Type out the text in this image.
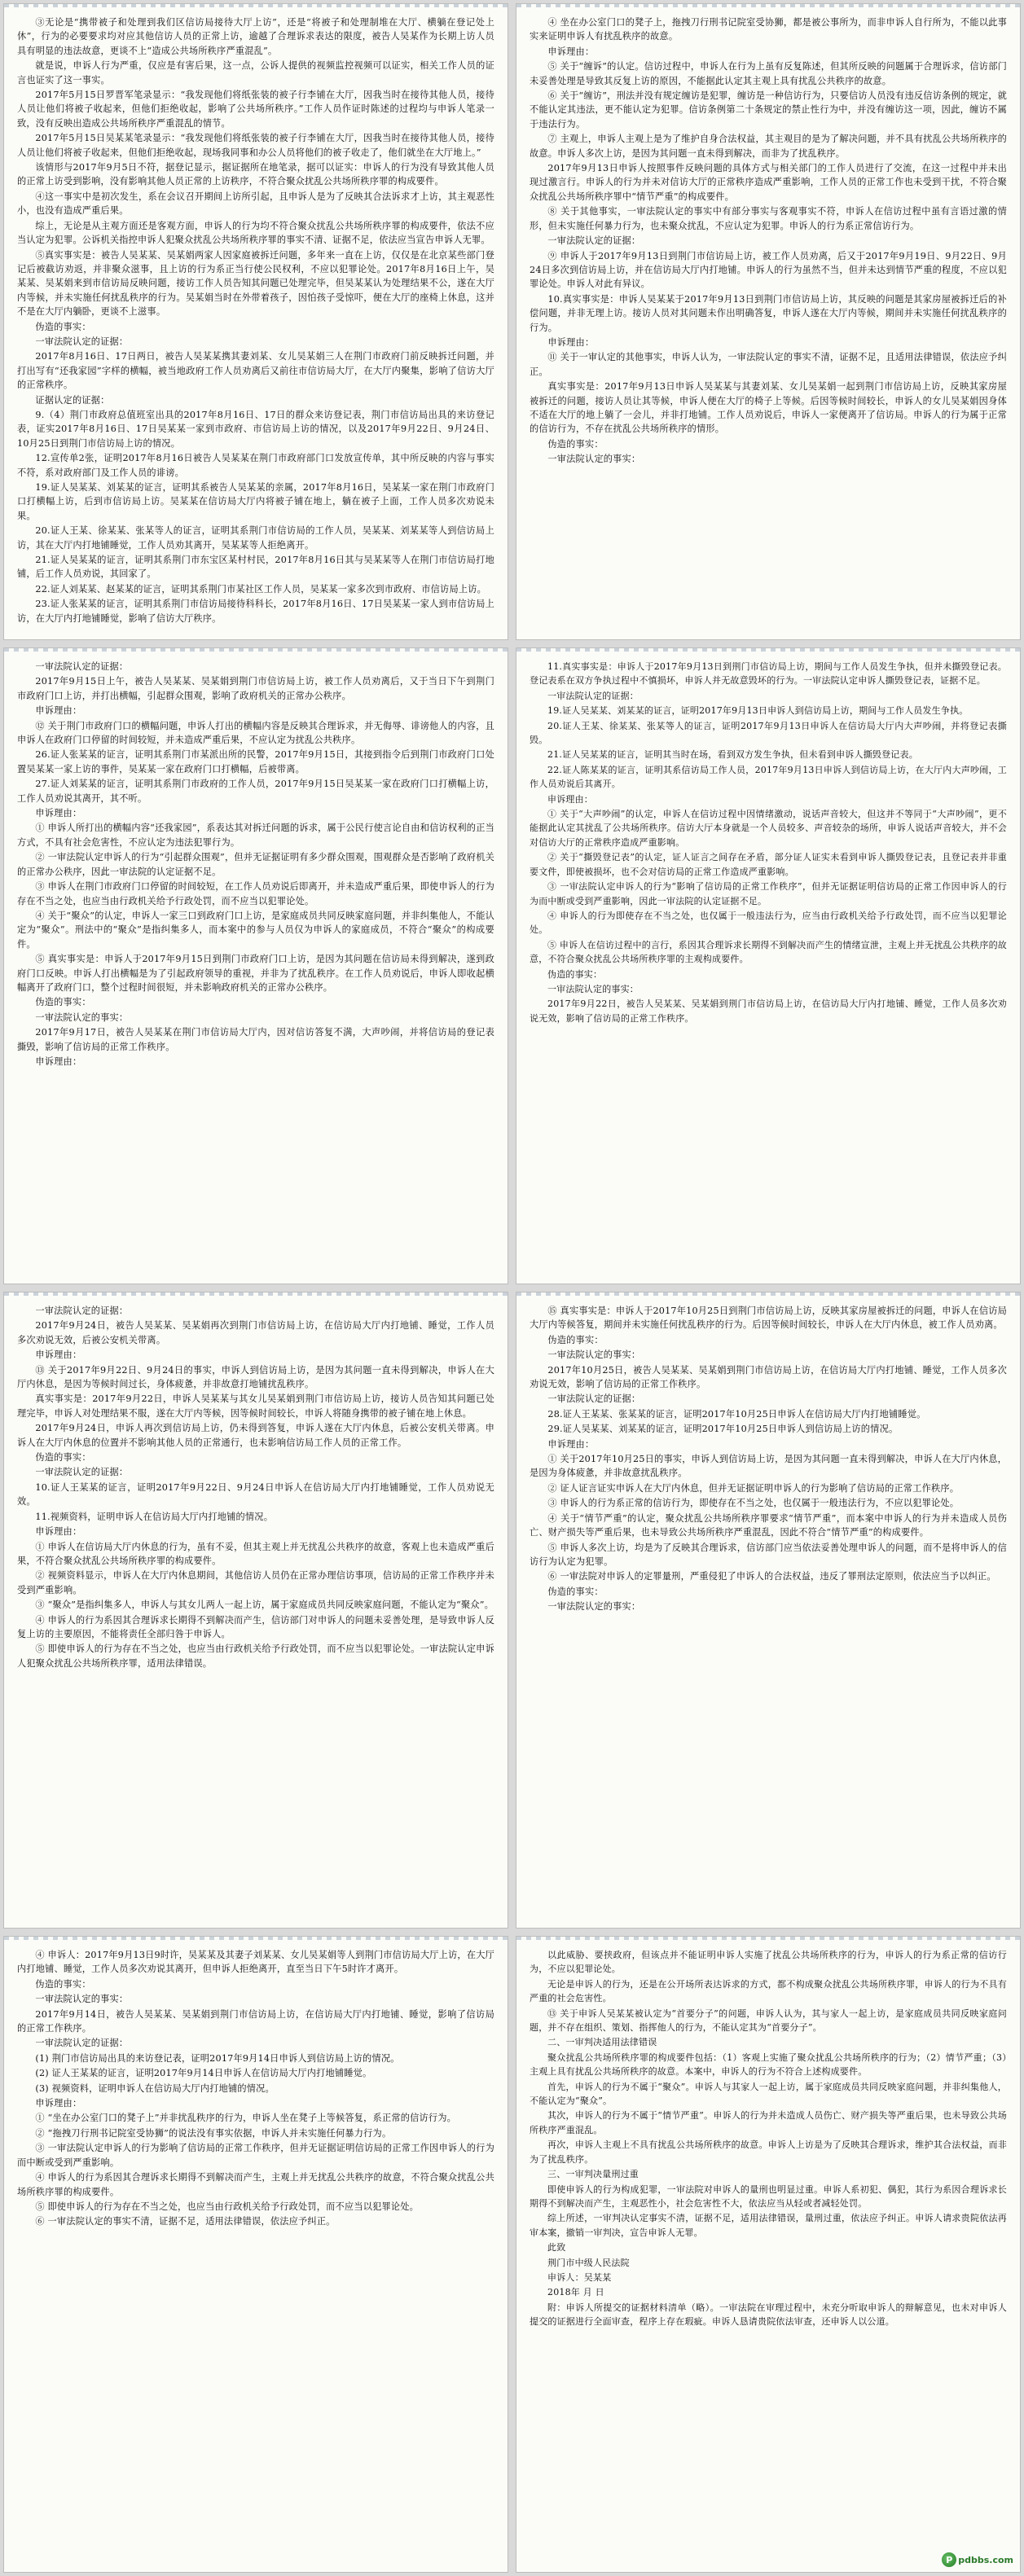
③无论是“携带被子和处理到我们区信访局接待大厅上访”，还是“将被子和处理制堆在大厅、横躺在登记处上休”，行为的必要要求均对应其他信访人员的正常上访，逾越了合理诉求表达的限度，被告人吴某作为长期上访人员具有明显的违法故意，更谈不上“造成公共场所秩序严重混乱”。

就是说，申诉人行为严重，仅应是有害后果，这一点，公诉人提供的视频监控视频可以证实，相关工作人员的证言也证实了这一事实。

2017年5月15日罗晋军笔录显示：“我发现他们将纸张装的被子行李铺在大厅，因我当时在接待其他人员，接待人员让他们将被子收起来，但他们拒绝收起，影响了公共场所秩序。”工作人员作证时陈述的过程均与申诉人笔录一致，没有反映出造成公共场所秩序严重混乱的情节。

2017年5月15日吴某某笔录显示：“我发现他们将纸张装的被子行李铺在大厅，因我当时在接待其他人员，接待人员让他们将被子收起来，但他们拒绝收起，现场我同事和办公人员将他们的被子收走了，他们就坐在大厅地上。”

该情形与2017年9月5日不符，据登记显示，据证据所在地笔录，据可以证实：申诉人的行为没有导致其他人员的正常上访受到影响，没有影响其他人员正常的上访秩序，不符合聚众扰乱公共场所秩序罪的构成要件。

④这一事实中是初次发生，系在会议召开期间上访所引起，且申诉人是为了反映其合法诉求才上访，其主观恶性小，也没有造成严重后果。

综上，无论是从主观方面还是客观方面，申诉人的行为均不符合聚众扰乱公共场所秩序罪的构成要件，依法不应当认定为犯罪。公诉机关指控申诉人犯聚众扰乱公共场所秩序罪的事实不清、证据不足，依法应当宣告申诉人无罪。

⑤真实事实是：被告人吴某某、吴某娟两家人因家庭被拆迁问题，多年来一直在上访，仅仅是在北京某些部门登记后被截访劝返，并非聚众滋事，且上访的行为系正当行使公民权利，不应以犯罪论处。2017年8月16日上午，吴某某、吴某娟来到市信访局反映问题，接访工作人员告知其问题已处理完毕，但吴某某认为处理结果不公，遂在大厅内等候，并未实施任何扰乱秩序的行为。吴某娟当时在外带着孩子，因怕孩子受惊吓，便在大厅的座椅上休息，这并不是在大厅内躺卧，更谈不上滋事。

伪造的事实：

一审法院认定的证据：

2017年8月16日、17日两日，被告人吴某某携其妻刘某、女儿吴某娟三人在荆门市政府门前反映拆迁问题，并打出写有“还我家园”字样的横幅，被当地政府工作人员劝离后又前往市信访局大厅，在大厅内聚集，影响了信访大厅的正常秩序。

证据认定的证据：

9.（4）荆门市政府总值班室出具的2017年8月16日、17日的群众来访登记表，荆门市信访局出具的来访登记表，证实2017年8月16日、17日吴某某一家到市政府、市信访局上访的情况，以及2017年9月22日、9月24日、10月25日到荆门市信访局上访的情况。

12.宣传单2张，证明2017年8月16日被告人吴某某在荆门市政府部门口发放宣传单，其中所反映的内容与事实不符，系对政府部门及工作人员的诽谤。

19.证人吴某某、刘某某的证言，证明其系被告人吴某某的亲属，2017年8月16日，吴某某一家在荆门市政府门口打横幅上访，后到市信访局上访。吴某某在信访局大厅内将被子铺在地上，躺在被子上面，工作人员多次劝说未果。

20.证人王某、徐某某、张某等人的证言，证明其系荆门市信访局的工作人员，吴某某、刘某某等人到信访局上访，其在大厅内打地铺睡觉，工作人员劝其离开，吴某某等人拒绝离开。

21.证人吴某某的证言，证明其系荆门市东宝区某村村民，2017年8月16日其与吴某某等人在荆门市信访局打地铺，后工作人员劝说，其回家了。

22.证人刘某某、赵某某的证言，证明其系荆门市某社区工作人员，吴某某一家多次到市政府、市信访局上访。

23.证人张某某的证言，证明其系荆门市信访局接待科科长，2017年8月16日、17日吴某某一家人到市信访局上访，在大厅内打地铺睡觉，影响了信访大厅秩序。

④ 坐在办公室门口的凳子上，拖拽刀行刑书记院室受协狮，都是被公事所为，而非申诉人自行所为，不能以此事实来证明申诉人有扰乱秩序的故意。

申诉理由：

⑤ 关于“缠诉”的认定。信访过程中，申诉人在行为上虽有反复陈述，但其所反映的问题属于合理诉求，信访部门未妥善处理是导致其反复上访的原因，不能据此认定其主观上具有扰乱公共秩序的故意。

⑥ 关于“缠访”，刑法并没有规定缠访是犯罪，缠访是一种信访行为，只要信访人员没有违反信访条例的规定，就不能认定其违法，更不能认定为犯罪。信访条例第二十条规定的禁止性行为中，并没有缠访这一项，因此，缠访不属于违法行为。

⑦ 主观上，申诉人主观上是为了维护自身合法权益，其主观目的是为了解决问题，并不具有扰乱公共场所秩序的故意。申诉人多次上访，是因为其问题一直未得到解决，而非为了扰乱秩序。

2017年9月13日申诉人按照事件反映问题的具体方式与相关部门的工作人员进行了交流，在这一过程中并未出现过激言行。申诉人的行为并未对信访大厅的正常秩序造成严重影响，工作人员的正常工作也未受到干扰，不符合聚众扰乱公共场所秩序罪中“情节严重”的构成要件。

⑧ 关于其他事实，一审法院认定的事实中有部分事实与客观事实不符，申诉人在信访过程中虽有言语过激的情形，但未实施任何暴力行为，也未聚众扰乱，不应认定为犯罪。申诉人的行为系正常信访行为。

一审法院认定的证据：

⑨ 申诉人于2017年9月13日到荆门市信访局上访，被工作人员劝离，后又于2017年9月19日、9月22日、9月24日多次到信访局上访，并在信访局大厅内打地铺。申诉人的行为虽然不当，但并未达到情节严重的程度，不应以犯罪论处。申诉人对此有异议。

10.真实事实是：申诉人吴某某于2017年9月13日到荆门市信访局上访，其反映的问题是其家房屋被拆迁后的补偿问题，并非无理上访。接访人员对其问题未作出明确答复，申诉人遂在大厅内等候，期间并未实施任何扰乱秩序的行为。

申诉理由：

⑪ 关于一审认定的其他事实，申诉人认为，一审法院认定的事实不清，证据不足，且适用法律错误，依法应予纠正。

真实事实是：2017年9月13日申诉人吴某某与其妻刘某、女儿吴某娟一起到荆门市信访局上访，反映其家房屋被拆迁的问题，接访人员让其等候，申诉人便在大厅的椅子上等候。后因等候时间较长，申诉人的女儿吴某娟因身体不适在大厅的地上躺了一会儿，并非打地铺。工作人员劝说后，申诉人一家便离开了信访局。申诉人的行为属于正常的信访行为，不存在扰乱公共场所秩序的情形。

伪造的事实：

一审法院认定的事实：

一审法院认定的证据：

2017年9月15日上午，被告人吴某某、吴某娟到荆门市信访局上访，被工作人员劝离后，又于当日下午到荆门市政府门口上访，并打出横幅，引起群众围观，影响了政府机关的正常办公秩序。

申诉理由：

⑫ 关于荆门市政府门口的横幅问题，申诉人打出的横幅内容是反映其合理诉求，并无侮辱、诽谤他人的内容，且申诉人在政府门口停留的时间较短，并未造成严重后果，不应认定为扰乱公共秩序。

26.证人张某某的证言，证明其系荆门市某派出所的民警，2017年9月15日，其接到指令后到荆门市政府门口处置吴某某一家上访的事件，吴某某一家在政府门口打横幅，后被带离。

27.证人刘某某的证言，证明其系荆门市政府的工作人员，2017年9月15日吴某某一家在政府门口打横幅上访，工作人员劝说其离开，其不听。

申诉理由：

① 申诉人所打出的横幅内容“还我家园”，系表达其对拆迁问题的诉求，属于公民行使言论自由和信访权利的正当方式，不具有社会危害性，不应认定为违法犯罪行为。

② 一审法院认定申诉人的行为“引起群众围观”，但并无证据证明有多少群众围观，围观群众是否影响了政府机关的正常办公秩序，因此一审法院的认定证据不足。

③ 申诉人在荆门市政府门口停留的时间较短，在工作人员劝说后即离开，并未造成严重后果，即使申诉人的行为存在不当之处，也应当由行政机关给予行政处罚，而不应当以犯罪论处。

④ 关于“聚众”的认定，申诉人一家三口到政府门口上访，是家庭成员共同反映家庭问题，并非纠集他人，不能认定为“聚众”。刑法中的“聚众”是指纠集多人，而本案中的参与人员仅为申诉人的家庭成员，不符合“聚众”的构成要件。

⑤ 真实事实是：申诉人于2017年9月15日到荆门市政府门口上访，是因为其问题在信访局未得到解决，遂到政府门口反映。申诉人打出横幅是为了引起政府领导的重视，并非为了扰乱秩序。在工作人员劝说后，申诉人即收起横幅离开了政府门口，整个过程时间很短，并未影响政府机关的正常办公秩序。

伪造的事实：

一审法院认定的事实：

2017年9月17日，被告人吴某某在荆门市信访局大厅内，因对信访答复不满，大声吵闹，并将信访局的登记表撕毁，影响了信访局的正常工作秩序。

申诉理由：

11.真实事实是：申诉人于2017年9月13日到荆门市信访局上访，期间与工作人员发生争执，但并未撕毁登记表。登记表系在双方争执过程中不慎损坏，申诉人并无故意毁坏的行为。一审法院认定申诉人撕毁登记表，证据不足。

一审法院认定的证据：

19.证人吴某某、刘某某的证言，证明2017年9月13日申诉人到信访局上访，期间与工作人员发生争执。

20.证人王某、徐某某、张某等人的证言，证明2017年9月13日申诉人在信访局大厅内大声吵闹，并将登记表撕毁。

21.证人吴某某的证言，证明其当时在场，看到双方发生争执，但未看到申诉人撕毁登记表。

22.证人陈某某的证言，证明其系信访局工作人员，2017年9月13日申诉人到信访局上访，在大厅内大声吵闹，工作人员劝说后其离开。

申诉理由：

① 关于“大声吵闹”的认定，申诉人在信访过程中因情绪激动，说话声音较大，但这并不等同于“大声吵闹”，更不能据此认定其扰乱了公共场所秩序。信访大厅本身就是一个人员较多、声音较杂的场所，申诉人说话声音较大，并不会对信访大厅的正常秩序造成严重影响。

② 关于“撕毁登记表”的认定，证人证言之间存在矛盾，部分证人证实未看到申诉人撕毁登记表，且登记表并非重要文件，即使被损坏，也不会对信访局的正常工作造成严重影响。

③ 一审法院认定申诉人的行为“影响了信访局的正常工作秩序”，但并无证据证明信访局的正常工作因申诉人的行为而中断或受到严重影响，因此一审法院的认定证据不足。

④ 申诉人的行为即使存在不当之处，也仅属于一般违法行为，应当由行政机关给予行政处罚，而不应当以犯罪论处。

⑤ 申诉人在信访过程中的言行，系因其合理诉求长期得不到解决而产生的情绪宣泄，主观上并无扰乱公共秩序的故意，不符合聚众扰乱公共场所秩序罪的主观构成要件。

伪造的事实：

一审法院认定的事实：

2017年9月22日，被告人吴某某、吴某娟到荆门市信访局上访，在信访局大厅内打地铺、睡觉，工作人员多次劝说无效，影响了信访局的正常工作秩序。

一审法院认定的证据：

2017年9月24日，被告人吴某某、吴某娟再次到荆门市信访局上访，在信访局大厅内打地铺、睡觉，工作人员多次劝说无效，后被公安机关带离。

申诉理由：

⑬ 关于2017年9月22日、9月24日的事实，申诉人到信访局上访，是因为其问题一直未得到解决，申诉人在大厅内休息，是因为等候时间过长，身体疲惫，并非故意打地铺扰乱秩序。

真实事实是：2017年9月22日，申诉人吴某某与其女儿吴某娟到荆门市信访局上访，接访人员告知其问题已处理完毕，申诉人对处理结果不服，遂在大厅内等候，因等候时间较长，申诉人将随身携带的被子铺在地上休息。

2017年9月24日，申诉人再次到信访局上访，仍未得到答复，申诉人遂在大厅内休息，后被公安机关带离。申诉人在大厅内休息的位置并不影响其他人员的正常通行，也未影响信访局工作人员的正常工作。

伪造的事实：

一审法院认定的证据：

10.证人王某某的证言，证明2017年9月22日、9月24日申诉人在信访局大厅内打地铺睡觉，工作人员劝说无效。

11.视频资料，证明申诉人在信访局大厅内打地铺的情况。

申诉理由：

① 申诉人在信访局大厅内休息的行为，虽有不妥，但其主观上并无扰乱公共秩序的故意，客观上也未造成严重后果，不符合聚众扰乱公共场所秩序罪的构成要件。

② 视频资料显示，申诉人在大厅内休息期间，其他信访人员仍在正常办理信访事项，信访局的正常工作秩序并未受到严重影响。

③ “聚众”是指纠集多人，申诉人与其女儿两人一起上访，属于家庭成员共同反映家庭问题，不能认定为“聚众”。

④ 申诉人的行为系因其合理诉求长期得不到解决而产生，信访部门对申诉人的问题未妥善处理，是导致申诉人反复上访的主要原因，不能将责任全部归咎于申诉人。

⑤ 即使申诉人的行为存在不当之处，也应当由行政机关给予行政处罚，而不应当以犯罪论处。一审法院认定申诉人犯聚众扰乱公共场所秩序罪，适用法律错误。

⑮ 真实事实是：申诉人于2017年10月25日到荆门市信访局上访，反映其家房屋被拆迁的问题，申诉人在信访局大厅内等候答复，期间并未实施任何扰乱秩序的行为。后因等候时间较长，申诉人在大厅内休息，被工作人员劝离。

伪造的事实：

一审法院认定的事实：

2017年10月25日，被告人吴某某、吴某娟到荆门市信访局上访，在信访局大厅内打地铺、睡觉，工作人员多次劝说无效，影响了信访局的正常工作秩序。

一审法院认定的证据：

28.证人王某某、张某某的证言，证明2017年10月25日申诉人在信访局大厅内打地铺睡觉。

29.证人吴某某、刘某某的证言，证明2017年10月25日申诉人到信访局上访的情况。

申诉理由：

① 关于2017年10月25日的事实，申诉人到信访局上访，是因为其问题一直未得到解决，申诉人在大厅内休息，是因为身体疲惫，并非故意扰乱秩序。

② 证人证言证实申诉人在大厅内休息，但并无证据证明申诉人的行为影响了信访局的正常工作秩序。

③ 申诉人的行为系正常的信访行为，即使存在不当之处，也仅属于一般违法行为，不应以犯罪论处。

④ 关于“情节严重”的认定，聚众扰乱公共场所秩序罪要求“情节严重”，而本案中申诉人的行为并未造成人员伤亡、财产损失等严重后果，也未导致公共场所秩序严重混乱，因此不符合“情节严重”的构成要件。

⑤ 申诉人多次上访，均是为了反映其合理诉求，信访部门应当依法妥善处理申诉人的问题，而不是将申诉人的信访行为认定为犯罪。

⑥ 一审法院对申诉人的定罪量刑，严重侵犯了申诉人的合法权益，违反了罪刑法定原则，依法应当予以纠正。

伪造的事实：

一审法院认定的事实：

④ 申诉人：2017年9月13日9时许，吴某某及其妻子刘某某、女儿吴某娟等人到荆门市信访局大厅上访，在大厅内打地铺、睡觉，工作人员多次劝说其离开，但申诉人拒绝离开，直至当日下午5时许才离开。

伪造的事实：

一审法院认定的事实：

2017年9月14日，被告人吴某某、吴某娟到荆门市信访局上访，在信访局大厅内打地铺、睡觉，影响了信访局的正常工作秩序。

一审法院认定的证据：

(1) 荆门市信访局出具的来访登记表，证明2017年9月14日申诉人到信访局上访的情况。

(2) 证人王某某的证言，证明2017年9月14日申诉人在信访局大厅内打地铺睡觉。

(3) 视频资料，证明申诉人在信访局大厅内打地铺的情况。

申诉理由：

① “坐在办公室门口的凳子上”并非扰乱秩序的行为，申诉人坐在凳子上等候答复，系正常的信访行为。

② “拖拽刀行刑书记院室受协狮”的说法没有事实依据，申诉人并未实施任何暴力行为。

③ 一审法院认定申诉人的行为影响了信访局的正常工作秩序，但并无证据证明信访局的正常工作因申诉人的行为而中断或受到严重影响。

④ 申诉人的行为系因其合理诉求长期得不到解决而产生，主观上并无扰乱公共秩序的故意，不符合聚众扰乱公共场所秩序罪的构成要件。

⑤ 即使申诉人的行为存在不当之处，也应当由行政机关给予行政处罚，而不应当以犯罪论处。

⑥ 一审法院认定的事实不清，证据不足，适用法律错误，依法应予纠正。

以此威胁、要挟政府，但该点并不能证明申诉人实施了扰乱公共场所秩序的行为，申诉人的行为系正常的信访行为，不应以犯罪论处。

无论是申诉人的行为，还是在公开场所表达诉求的方式，都不构成聚众扰乱公共场所秩序罪，申诉人的行为不具有严重的社会危害性。

⑬ 关于申诉人吴某某被认定为“首要分子”的问题，申诉人认为，其与家人一起上访，是家庭成员共同反映家庭问题，并不存在组织、策划、指挥他人的行为，不能认定其为“首要分子”。

二、一审判决适用法律错误

聚众扰乱公共场所秩序罪的构成要件包括：（1）客观上实施了聚众扰乱公共场所秩序的行为；（2）情节严重；（3）主观上具有扰乱公共场所秩序的故意。本案中，申诉人的行为不符合上述构成要件。

首先，申诉人的行为不属于“聚众”。申诉人与其家人一起上访，属于家庭成员共同反映家庭问题，并非纠集他人，不能认定为“聚众”。

其次，申诉人的行为不属于“情节严重”。申诉人的行为并未造成人员伤亡、财产损失等严重后果，也未导致公共场所秩序严重混乱。

再次，申诉人主观上不具有扰乱公共场所秩序的故意。申诉人上访是为了反映其合理诉求，维护其合法权益，而非为了扰乱秩序。

三、一审判决量刑过重

即使申诉人的行为构成犯罪，一审法院对申诉人的量刑也明显过重。申诉人系初犯、偶犯，其行为系因合理诉求长期得不到解决而产生，主观恶性小，社会危害性不大，依法应当从轻或者减轻处罚。

综上所述，一审判决认定事实不清，证据不足，适用法律错误，量刑过重，依法应予纠正。申诉人请求贵院依法再审本案，撤销一审判决，宣告申诉人无罪。

此致

荆门市中级人民法院

申诉人：吴某某

2018年 月 日

附：申诉人所提交的证据材料清单（略）。一审法院在审理过程中，未充分听取申诉人的辩解意见，也未对申诉人提交的证据进行全面审查，程序上存在瑕疵。申诉人恳请贵院依法审查，还申诉人以公道。

P pdbbs.com
